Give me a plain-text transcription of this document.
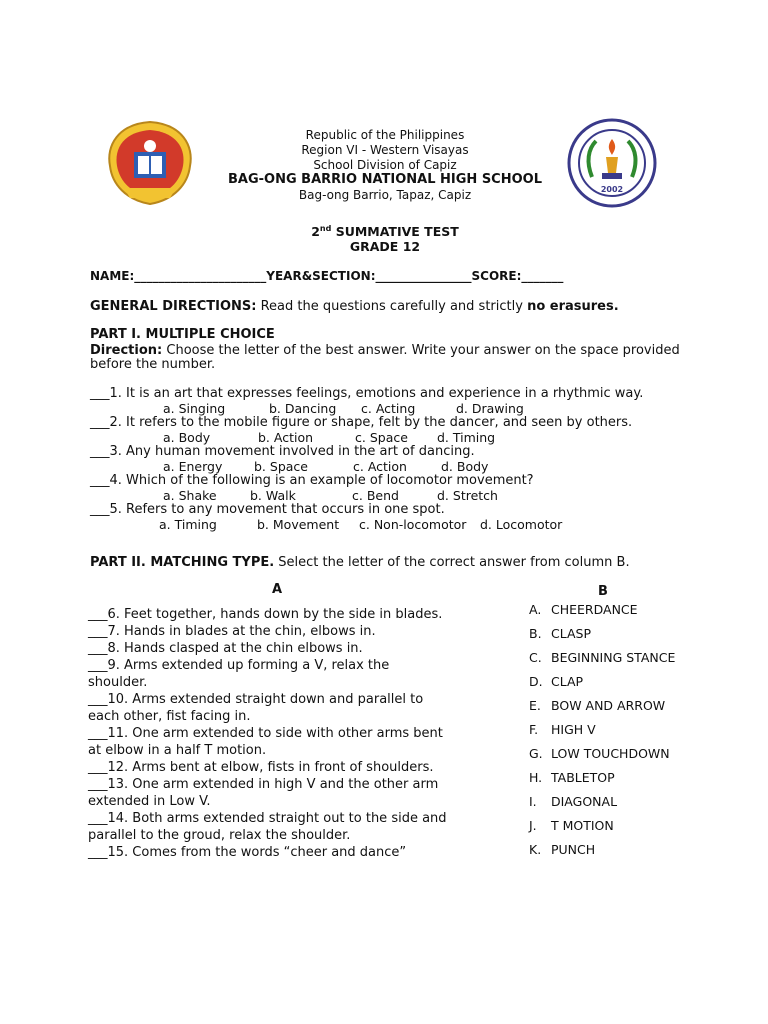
2002
Republic of the Philippines
Region VI - Western Visayas
School Division of Capiz
BAG-ONG BARRIO NATIONAL HIGH SCHOOL
Bag-ong Barrio, Tapaz, Capiz
2nd SUMMATIVE TEST
GRADE 12
NAME:______________________YEAR&SECTION:________________SCORE:_______
GENERAL DIRECTIONS: Read the questions carefully and strictly no erasures.
PART I. MULTIPLE CHOICE
Direction: Choose the letter of the best answer. Write your answer on the space provided
before the number.
___1. It is an art that expresses feelings, emotions and experience in a rhythmic way.
a. Singing	b. Dancing c. Acting	d. Drawing
___2. It refers to the mobile figure or shape, felt by the dancer, and seen by others.
a. Body	b. Action	c. Space d. Timing
___3. Any human movement involved in the art of dancing.
a. Energy	b. Space	c. Action	d. Body
___4. Which of the following is an example of locomotor movement?
a. Shake	b. Walk	c. Bend	d. Stretch
___5. Refers to any movement that occurs in one spot.
a. Timing	b. Movement c. Non-locomotor d. Locomotor
PART II. MATCHING TYPE. Select the letter of the correct answer from column B.
A	B
___6. Feet together, hands down by the side in blades.
___7. Hands in blades at the chin, elbows in.
___8. Hands clasped at the chin elbows in.
___9. Arms extended up forming a V, relax the
shoulder.
___10. Arms extended straight down and parallel to
each other, fist facing in.
___11. One arm extended to side with other arms bent
at elbow in a half T motion.
___12. Arms bent at elbow, fists in front of shoulders.
___13. One arm extended in high V and the other arm
extended in Low V.
___14. Both arms extended straight out to the side and
parallel to the groud, relax the shoulder.
___15. Comes from the words “cheer and dance”
A. CHEERDANCE
B. CLASP
C. BEGINNING STANCE
D. CLAP
E. BOW AND ARROW
F.	HIGH V
G. LOW TOUCHDOWN
H. TABLETOP
I.	DIAGONAL
J.	T MOTION
K. PUNCH
